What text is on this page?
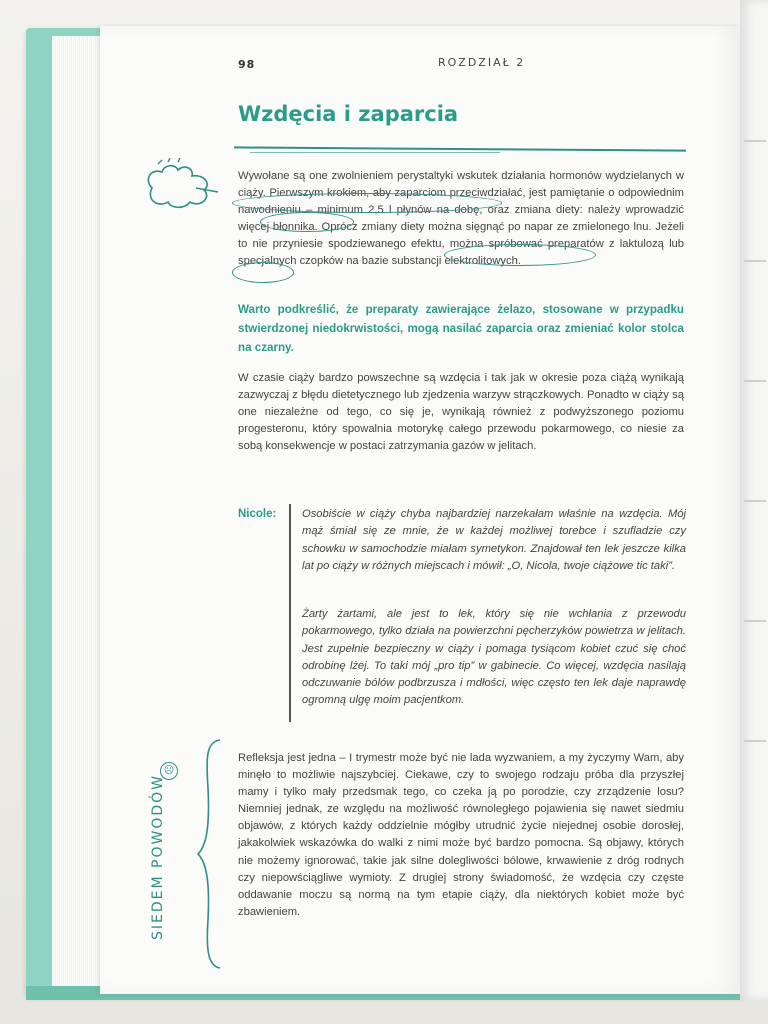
98	ROZDZIAŁ 2
Wzdęcia i zaparcia
Wywołane są one zwolnieniem perystaltyki wskutek działania hormonów wydzielanych w ciąży. Pierwszym krokiem, aby zaparciom przeciwdziałać, jest pamiętanie o odpowiednim nawodnieniu – minimum 2,5 l płynów na dobę, oraz zmiana diety: należy wprowadzić więcej błonnika. Oprócz zmiany diety można sięgnąć po napar ze zmielonego lnu. Jeżeli to nie przyniesie spodziewanego efektu, można spróbować preparatów z laktulozą lub specjalnych czopków na bazie substancji elektrolitowych.
Warto podkreślić, że preparaty zawierające żelazo, stosowane w przypadku stwierdzonej niedokrwistości, mogą nasilać zaparcia oraz zmieniać kolor stolca na czarny.
W czasie ciąży bardzo powszechne są wzdęcia i tak jak w okresie poza ciążą wynikają zazwyczaj z błędu dietetycznego lub zjedzenia warzyw strączkowych. Ponadto w ciąży są one niezależne od tego, co się je, wynikają również z podwyższonego poziomu progesteronu, który spowalnia motorykę całego przewodu pokarmowego, co niesie za sobą konsekwencje w postaci zatrzymania gazów w jelitach.
Nicole: Osobiście w ciąży chyba najbardziej narzekałam właśnie na wzdęcia. Mój mąż śmiał się ze mnie, że w każdej możliwej torebce i szufladzie czy schowku w samochodzie miałam symetykon. Znajdował ten lek jeszcze kilka lat po ciąży w różnych miejscach i mówił: „O, Nicola, twoje ciążowe tic taki”.
Żarty żartami, ale jest to lek, który się nie wchłania z przewodu pokarmowego, tylko działa na powierzchni pęcherzyków powietrza w jelitach. Jest zupełnie bezpieczny w ciąży i pomaga tysiącom kobiet czuć się choć odrobinę lżej. To taki mój „pro tip” w gabinecie. Co więcej, wzdęcia nasilają odczuwanie bólów podbrzusza i mdłości, więc często ten lek daje naprawdę ogromną ulgę moim pacjentkom.
☹
SIEDEM POWODÓW
Refleksja jest jedna – I trymestr może być nie lada wyzwaniem, a my życzymy Wam, aby minęło to możliwie najszybciej. Ciekawe, czy to swojego rodzaju próba dla przyszłej mamy i tylko mały przedsmak tego, co czeka ją po porodzie, czy zrządzenie losu? Niemniej jednak, ze względu na możliwość równoległego pojawienia się nawet siedmiu objawów, z których każdy oddzielnie mógłby utrudnić życie niejednej osobie dorosłej, jakakolwiek wskazówka do walki z nimi może być bardzo pomocna. Są objawy, których nie możemy ignorować, takie jak silne dolegliwości bólowe, krwawienie z dróg rodnych czy niepowściągliwe wymioty. Z drugiej strony świadomość, że wzdęcia czy częste oddawanie moczu są normą na tym etapie ciąży, dla niektórych kobiet może być zbawieniem.
